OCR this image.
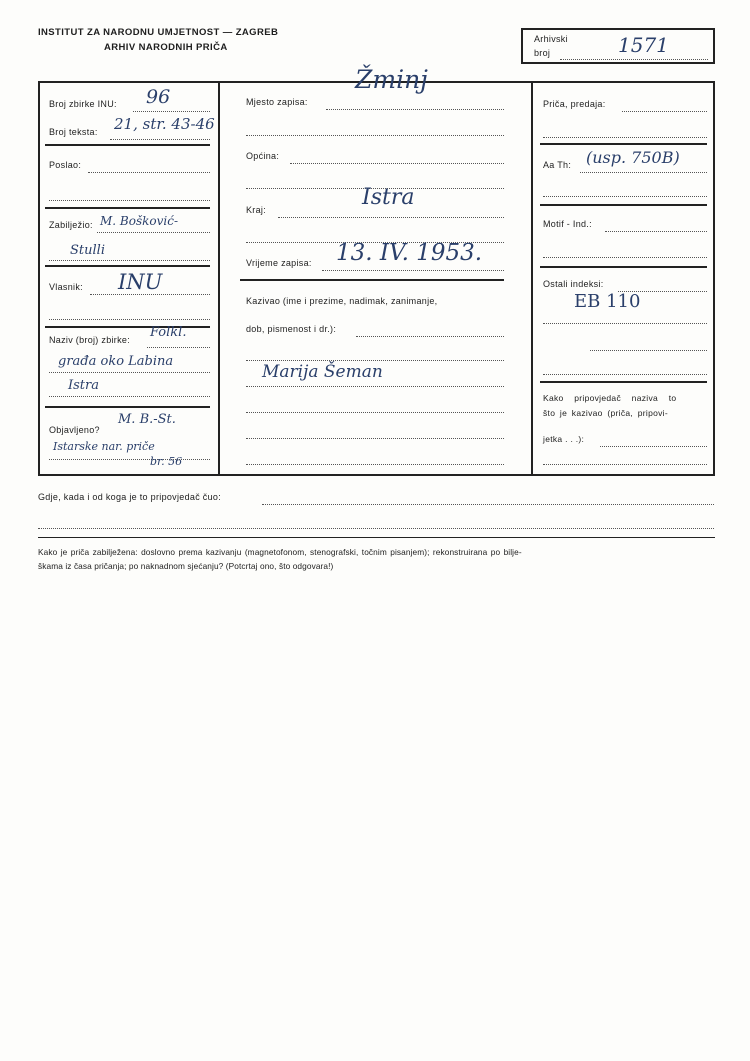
INSTITUT ZA NARODNU UMJETNOST — ZAGREB
ARHIV NARODNIH PRIČA
Arhivski
broj	1571
Broj zbirke INU: 96
Broj teksta: 21, str. 43-46
Poslao:
Zabilježio: M. Bošković-
Stulli
Vlasnik: INU
Naziv (broj) zbirke: Folkl.
građa oko Labina
Istra
Objavljeno?
M. B.-St.
Istarske nar. priče
br. 56
Mjesto zapisa:
Žminj
Općina:
Kraj:	Istra
Vrijeme zapisa: 13. IV. 1953.
Kazivao (ime i prezime, nadimak, zanimanje,
dob, pismenost i dr.):
Marija Šeman
Priča, predaja:
Aa Th: (usp. 750B)
Motif - Ind.:
Ostali indeksi:
EB 110
Kako pripovjedač naziva to
što je kazivao (priča, pripovi-
jetka . . .):
Gdje, kada i od koga je to pripovjedač čuo:
Kako je priča zabilježena: doslovno prema kazivanju (magnetofonom, stenografski, točnim pisanjem); rekonstruirana po bilje-
škama iz časa pričanja; po naknadnom sjećanju? (Potcrtaj ono, što odgovara!)
